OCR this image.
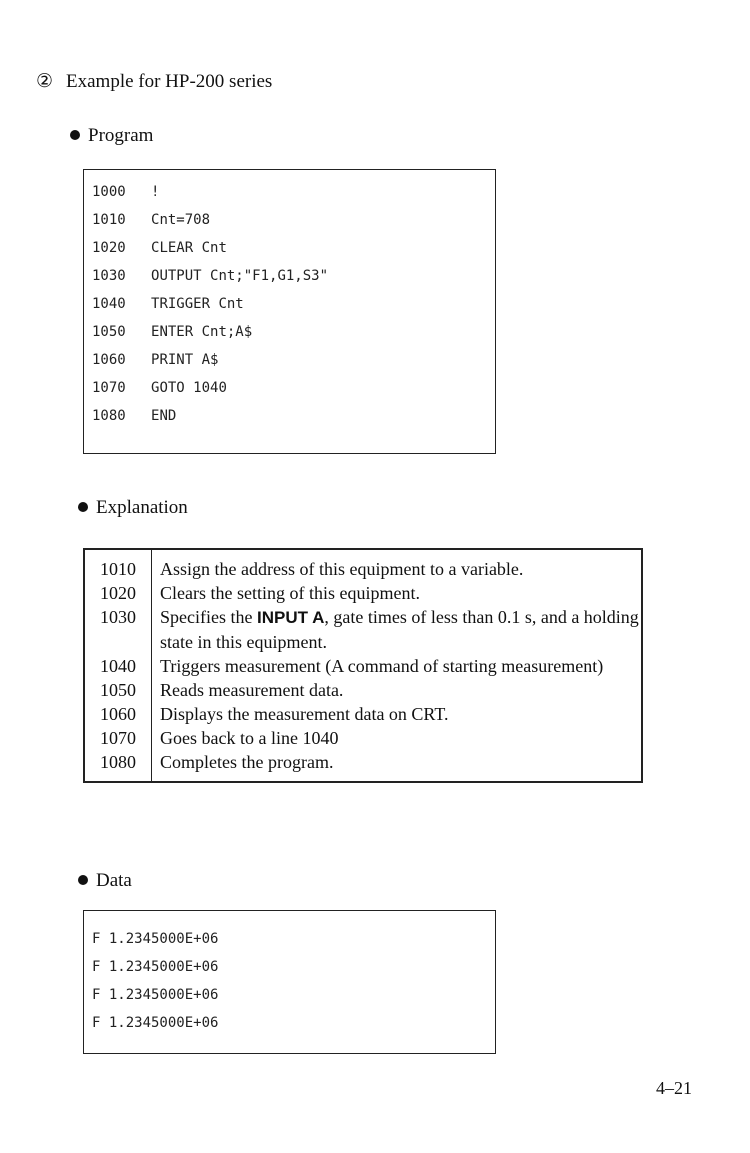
② Example for HP-200 series
Program
1000 !
1010 Cnt=708
1020 CLEAR Cnt
1030 OUTPUT Cnt;"F1,G1,S3"
1040 TRIGGER Cnt
1050 ENTER Cnt;A$
1060 PRINT A$
1070 GOTO 1040
1080 END
Explanation
1010	Assign the address of this equipment to a variable.
1020	Clears the setting of this equipment.
1030	Specifies the INPUT A, gate times of less than 0.1 s, and a holding state in this equipment.
1040	Triggers measurement (A command of starting measurement)
1050	Reads measurement data.
1060	Displays the measurement data on CRT.
1070	Goes back to a line 1040
1080	Completes the program.
Data
F 1.2345000E+06
F 1.2345000E+06
F 1.2345000E+06
F 1.2345000E+06
4–21
